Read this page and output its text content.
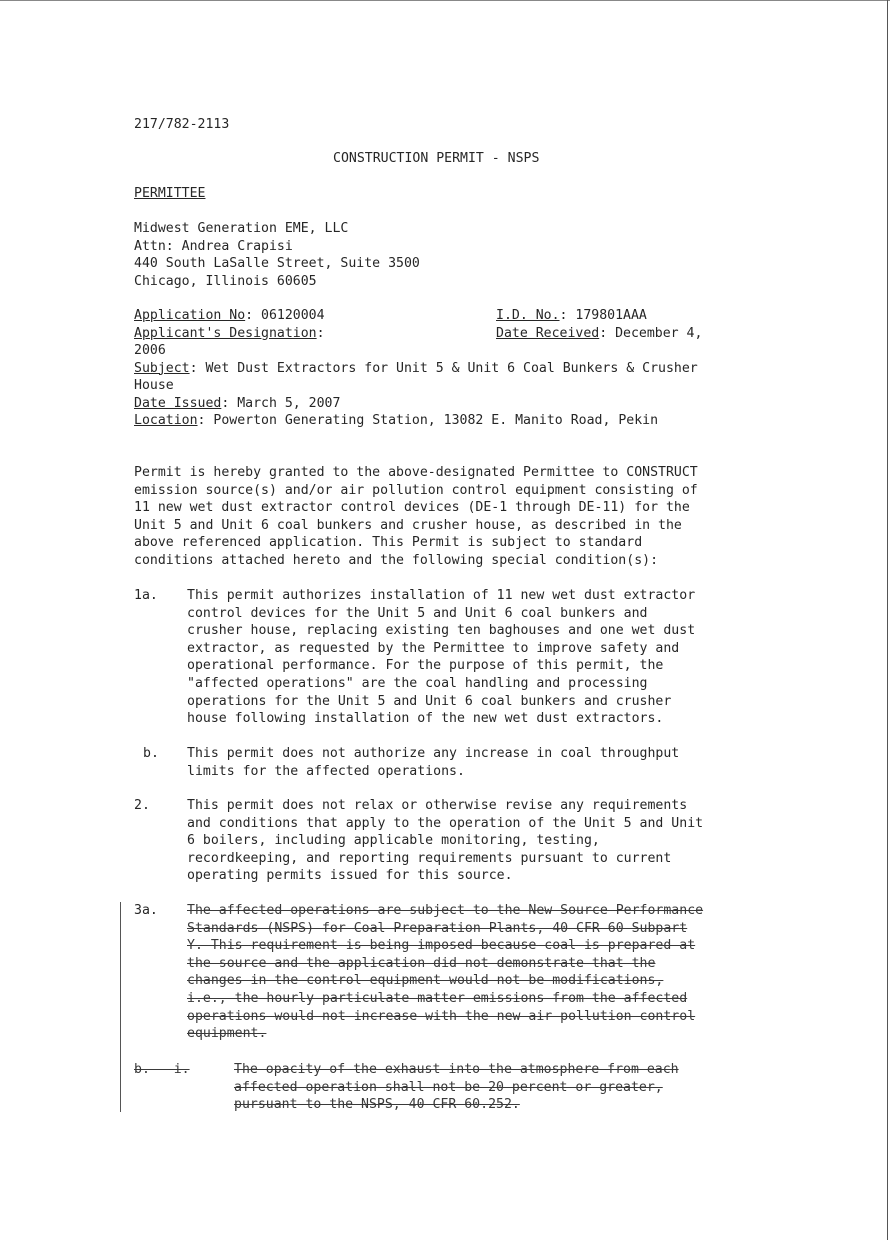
217/782-2113
CONSTRUCTION PERMIT - NSPS
PERMITTEE
Midwest Generation EME, LLC
Attn: Andrea Crapisi
440 South LaSalle Street, Suite 3500
Chicago, Illinois 60605
Application No: 06120004	I.D. No.: 179801AAA
Applicant's Designation:	Date Received: December 4,
2006
Subject: Wet Dust Extractors for Unit 5 & Unit 6 Coal Bunkers & Crusher
House
Date Issued: March 5, 2007
Location: Powerton Generating Station, 13082 E. Manito Road, Pekin
Permit is hereby granted to the above-designated Permittee to CONSTRUCT
emission source(s) and/or air pollution control equipment consisting of
11 new wet dust extractor control devices (DE-1 through DE-11) for the
Unit 5 and Unit 6 coal bunkers and crusher house, as described in the
above referenced application. This Permit is subject to standard
conditions attached hereto and the following special condition(s):
1a. This permit authorizes installation of 11 new wet dust extractor
control devices for the Unit 5 and Unit 6 coal bunkers and
crusher house, replacing existing ten baghouses and one wet dust
extractor, as requested by the Permittee to improve safety and
operational performance. For the purpose of this permit, the
"affected operations" are the coal handling and processing
operations for the Unit 5 and Unit 6 coal bunkers and crusher
house following installation of the new wet dust extractors.
b. This permit does not authorize any increase in coal throughput
limits for the affected operations.
2.	This permit does not relax or otherwise revise any requirements
and conditions that apply to the operation of the Unit 5 and Unit
6 boilers, including applicable monitoring, testing,
recordkeeping, and reporting requirements pursuant to current
operating permits issued for this source.
3a. The affected operations are subject to the New Source Performance
Standards (NSPS) for Coal Preparation Plants, 40 CFR 60 Subpart
Y. This requirement is being imposed because coal is prepared at
the source and the application did not demonstrate that the
changes in the control equipment would not be modifications,
i.e., the hourly particulate matter emissions from the affected
operations would not increase with the new air pollution control
equipment.
b.   i.	The opacity of the exhaust into the atmosphere from each
affected operation shall not be 20 percent or greater,
pursuant to the NSPS, 40 CFR 60.252.
